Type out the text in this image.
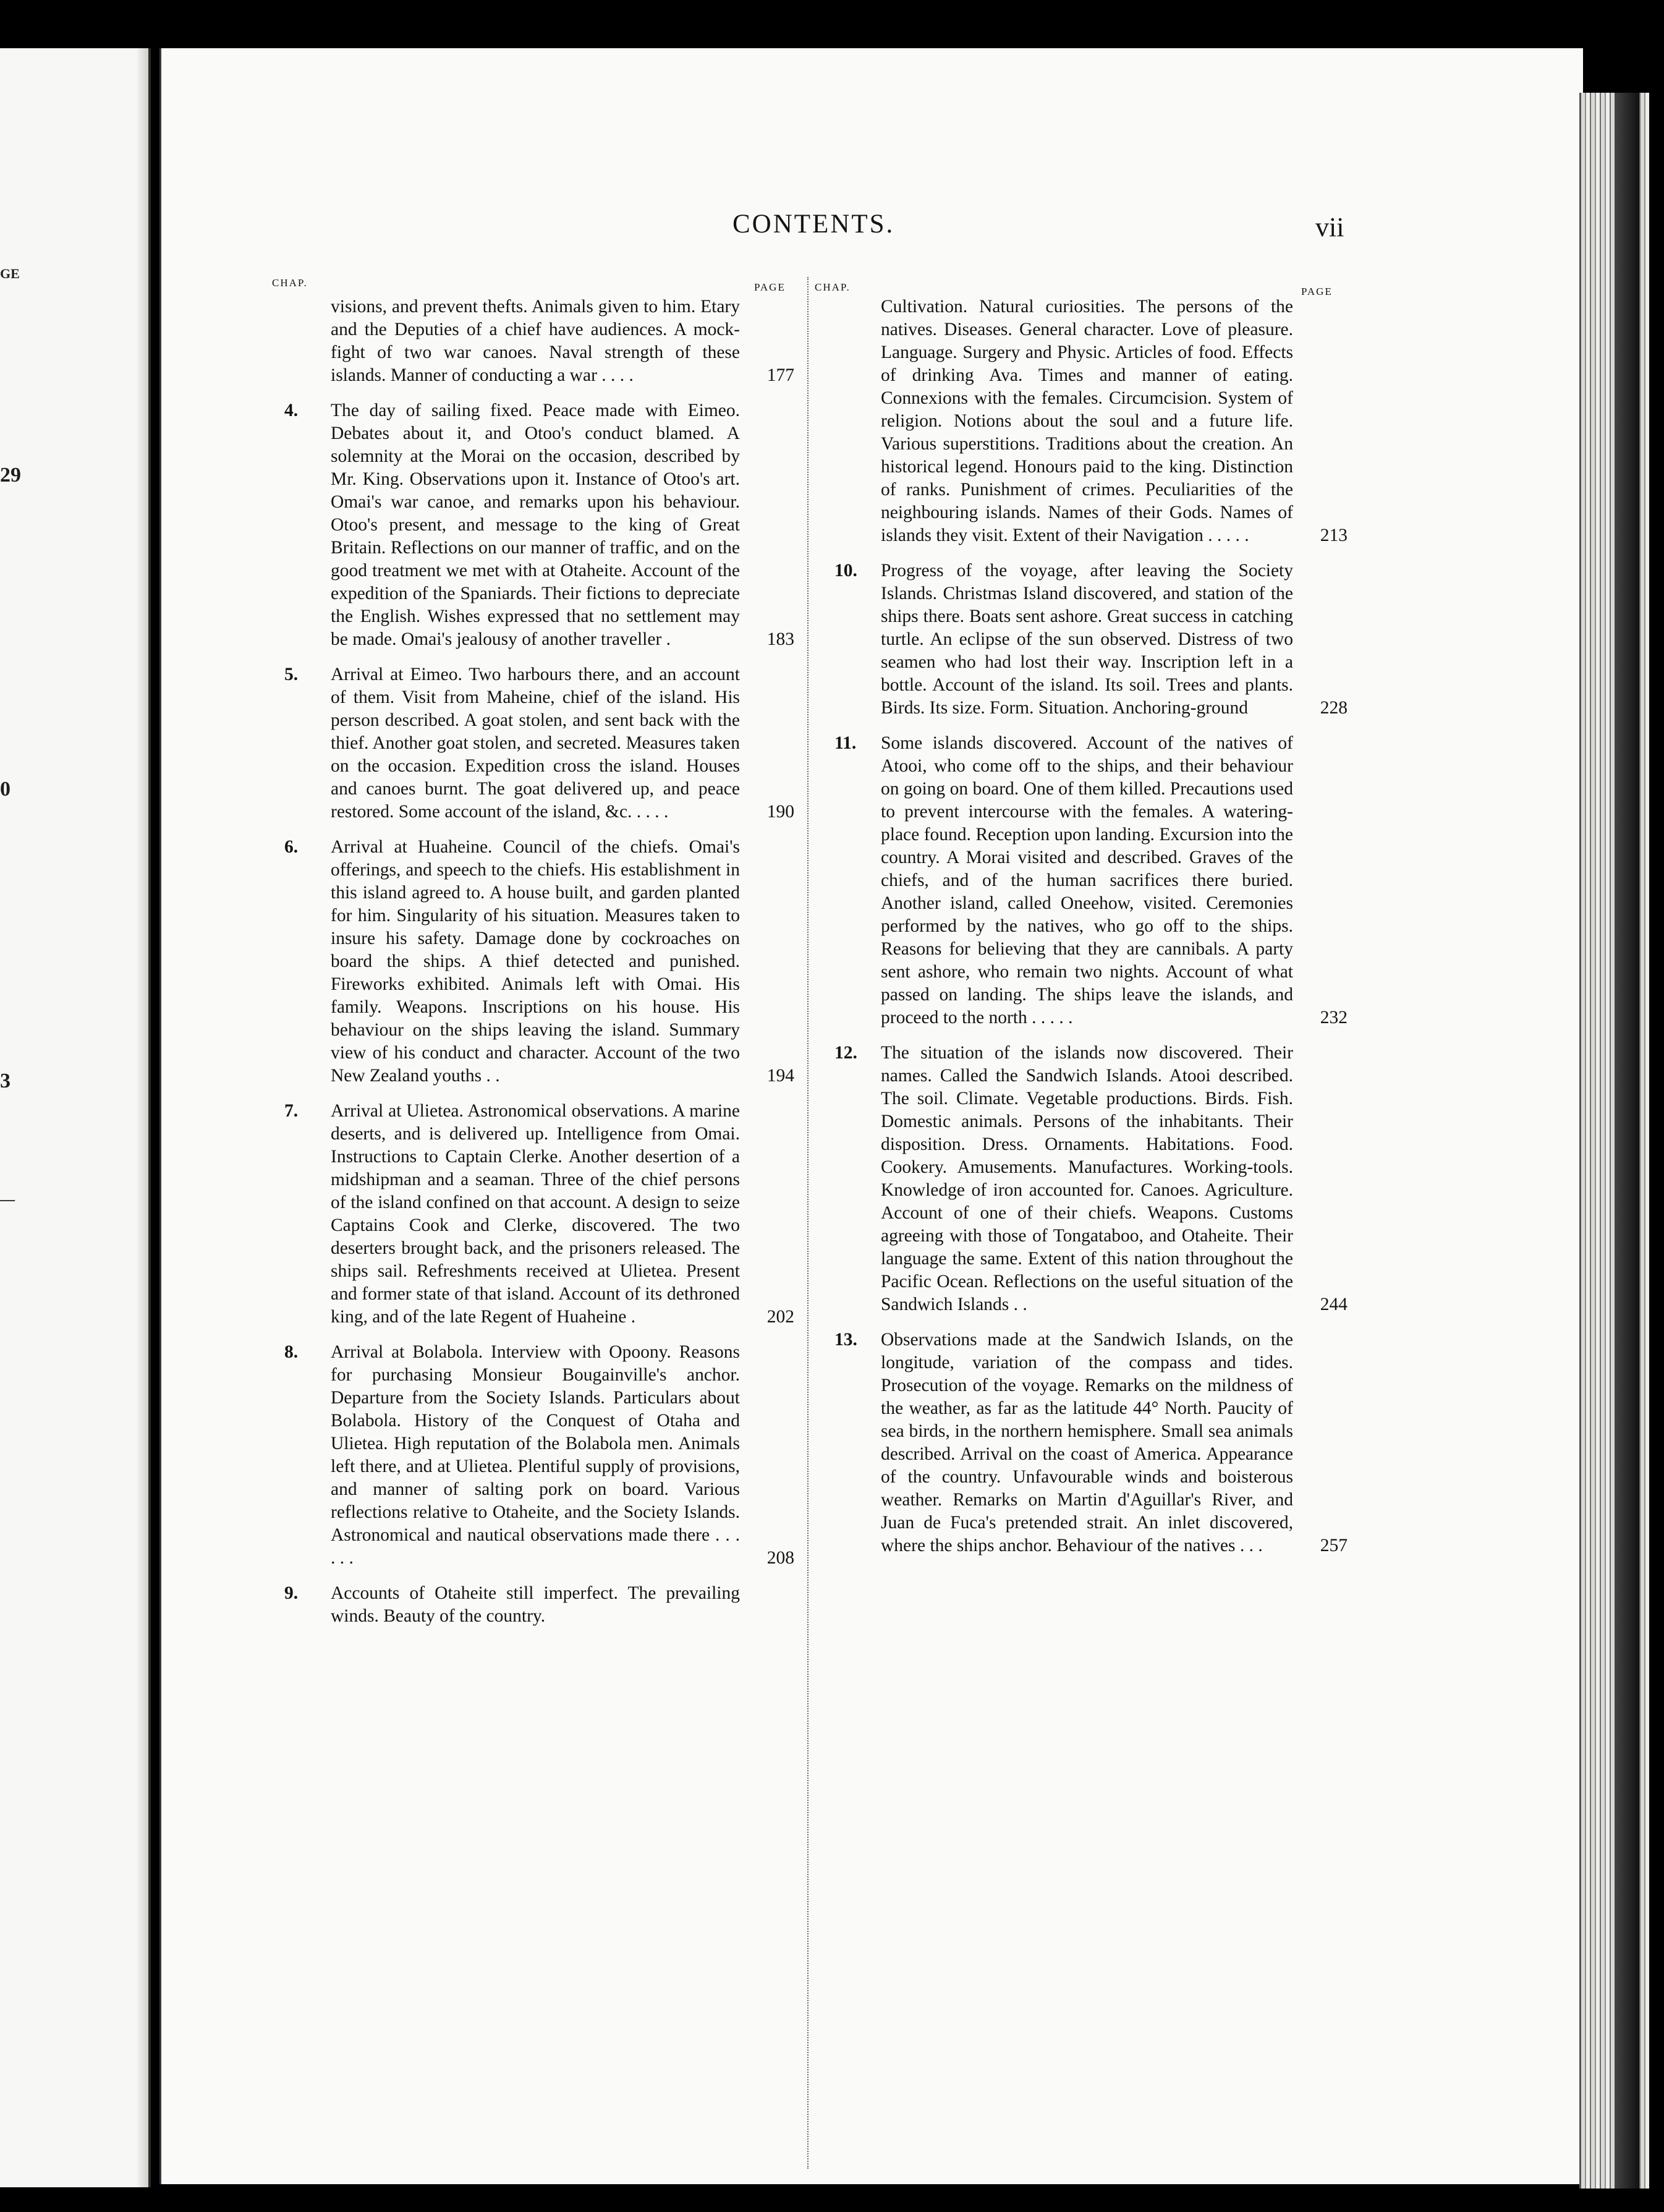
GE
29
0
3
—
CONTENTS.	vii
CHAP.	PAGE	CHAP.	PAGE
visions, and prevent thefts. Animals given to him. Etary and the Deputies of a chief have audiences. A mock-fight of two war canoes. Naval strength of these islands. Manner of conducting a war . . . .	177
4. The day of sailing fixed. Peace made with Eimeo. Debates about it, and Otoo's conduct blamed. A solemnity at the Morai on the occasion, described by Mr. King. Observations upon it. Instance of Otoo's art. Omai's war canoe, and remarks upon his behaviour. Otoo's present, and message to the king of Great Britain. Reflections on our manner of traffic, and on the good treatment we met with at Otaheite. Account of the expedition of the Spaniards. Their fictions to depreciate the English. Wishes expressed that no settlement may be made. Omai's jealousy of another traveller .	183
5. Arrival at Eimeo. Two harbours there, and an account of them. Visit from Maheine, chief of the island. His person described. A goat stolen, and sent back with the thief. Another goat stolen, and secreted. Measures taken on the occasion. Expedition cross the island. Houses and canoes burnt. The goat delivered up, and peace restored. Some account of the island, &c. . . . .	190
6. Arrival at Huaheine. Council of the chiefs. Omai's offerings, and speech to the chiefs. His establishment in this island agreed to. A house built, and garden planted for him. Singularity of his situation. Measures taken to insure his safety. Damage done by cockroaches on board the ships. A thief detected and punished. Fireworks exhibited. Animals left with Omai. His family. Weapons. Inscriptions on his house. His behaviour on the ships leaving the island. Summary view of his conduct and character. Account of the two New Zealand youths . .	194
7. Arrival at Ulietea. Astronomical observations. A marine deserts, and is delivered up. Intelligence from Omai. Instructions to Captain Clerke. Another desertion of a midshipman and a seaman. Three of the chief persons of the island confined on that account. A design to seize Captains Cook and Clerke, discovered. The two deserters brought back, and the prisoners released. The ships sail. Refreshments received at Ulietea. Present and former state of that island. Account of its dethroned king, and of the late Regent of Huaheine .	202
8. Arrival at Bolabola. Interview with Opoony. Reasons for purchasing Monsieur Bougainville's anchor. Departure from the Society Islands. Particulars about Bolabola. History of the Conquest of Otaha and Ulietea. High reputation of the Bolabola men. Animals left there, and at Ulietea. Plentiful supply of provisions, and manner of salting pork on board. Various reflections relative to Otaheite, and the Society Islands. Astronomical and nautical observations made there . . . . . .	208
9. Accounts of Otaheite still imperfect. The prevailing winds. Beauty of the country.
Cultivation. Natural curiosities. The persons of the natives. Diseases. General character. Love of pleasure. Language. Surgery and Physic. Articles of food. Effects of drinking Ava. Times and manner of eating. Connexions with the females. Circumcision. System of religion. Notions about the soul and a future life. Various superstitions. Traditions about the creation. An historical legend. Honours paid to the king. Distinction of ranks. Punishment of crimes. Peculiarities of the neighbouring islands. Names of their Gods. Names of islands they visit. Extent of their Navigation . . . . .	213
10. Progress of the voyage, after leaving the Society Islands. Christmas Island discovered, and station of the ships there. Boats sent ashore. Great success in catching turtle. An eclipse of the sun observed. Distress of two seamen who had lost their way. Inscription left in a bottle. Account of the island. Its soil. Trees and plants. Birds. Its size. Form. Situation. Anchoring-ground	228
11. Some islands discovered. Account of the natives of Atooi, who come off to the ships, and their behaviour on going on board. One of them killed. Precautions used to prevent intercourse with the females. A watering-place found. Reception upon landing. Excursion into the country. A Morai visited and described. Graves of the chiefs, and of the human sacrifices there buried. Another island, called Oneehow, visited. Ceremonies performed by the natives, who go off to the ships. Reasons for believing that they are cannibals. A party sent ashore, who remain two nights. Account of what passed on landing. The ships leave the islands, and proceed to the north . . . . .	232
12. The situation of the islands now discovered. Their names. Called the Sandwich Islands. Atooi described. The soil. Climate. Vegetable productions. Birds. Fish. Domestic animals. Persons of the inhabitants. Their disposition. Dress. Ornaments. Habitations. Food. Cookery. Amusements. Manufactures. Working-tools. Knowledge of iron accounted for. Canoes. Agriculture. Account of one of their chiefs. Weapons. Customs agreeing with those of Tongataboo, and Otaheite. Their language the same. Extent of this nation throughout the Pacific Ocean. Reflections on the useful situation of the Sandwich Islands . .	244
13. Observations made at the Sandwich Islands, on the longitude, variation of the compass and tides. Prosecution of the voyage. Remarks on the mildness of the weather, as far as the latitude 44° North. Paucity of sea birds, in the northern hemisphere. Small sea animals described. Arrival on the coast of America. Appearance of the country. Unfavourable winds and boisterous weather. Remarks on Martin d'Aguillar's River, and Juan de Fuca's pretended strait. An inlet discovered, where the ships anchor. Behaviour of the natives . . .	257
